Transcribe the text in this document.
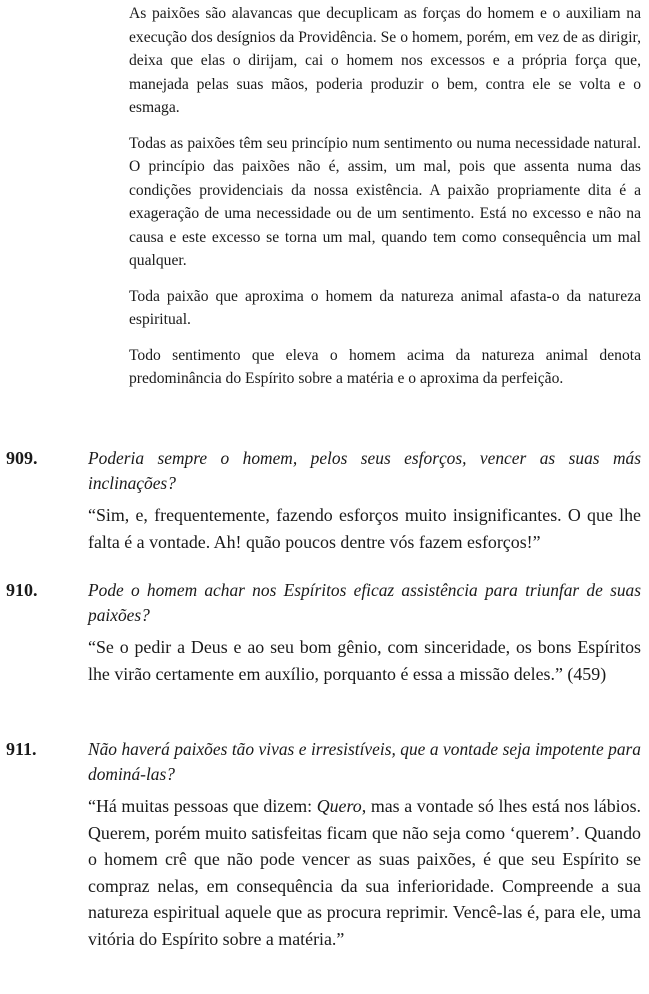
As paixões são alavancas que decuplicam as forças do homem e o auxiliam na execução dos desígnios da Providência. Se o homem, porém, em vez de as dirigir, deixa que elas o dirijam, cai o homem nos excessos e a própria força que, manejada pelas suas mãos, poderia produzir o bem, contra ele se volta e o esmaga.

Todas as paixões têm seu princípio num sentimento ou numa necessidade natural. O princípio das paixões não é, assim, um mal, pois que assenta numa das condições providenciais da nossa existência. A paixão propriamente dita é a exageração de uma necessidade ou de um sentimento. Está no excesso e não na causa e este excesso se torna um mal, quando tem como consequência um mal qualquer.

Toda paixão que aproxima o homem da natureza animal afasta-o da natureza espiritual.

Todo sentimento que eleva o homem acima da natureza animal denota predominância do Espírito sobre a matéria e o aproxima da perfeição.

909.	Poderia sempre o homem, pelos seus esforços, vencer as suas más inclinações?

“Sim, e, frequentemente, fazendo esforços muito insignificantes. O que lhe falta é a vontade. Ah! quão poucos dentre vós fazem esforços!”

910.	Pode o homem achar nos Espíritos eficaz assistência para triunfar de suas paixões?

“Se o pedir a Deus e ao seu bom gênio, com sinceridade, os bons Espíritos lhe virão certamente em auxílio, porquanto é essa a missão deles.” (459)

911.	Não haverá paixões tão vivas e irresistíveis, que a vontade seja impotente para dominá-las?

“Há muitas pessoas que dizem: Quero, mas a vontade só lhes está nos lábios. Querem, porém muito satisfeitas ficam que não seja como ‘querem’. Quando o homem crê que não pode vencer as suas paixões, é que seu Espírito se compraz nelas, em consequência da sua inferioridade. Compreende a sua natureza espiritual aquele que as procura reprimir. Vencê-las é, para ele, uma vitória do Espírito sobre a matéria.”
